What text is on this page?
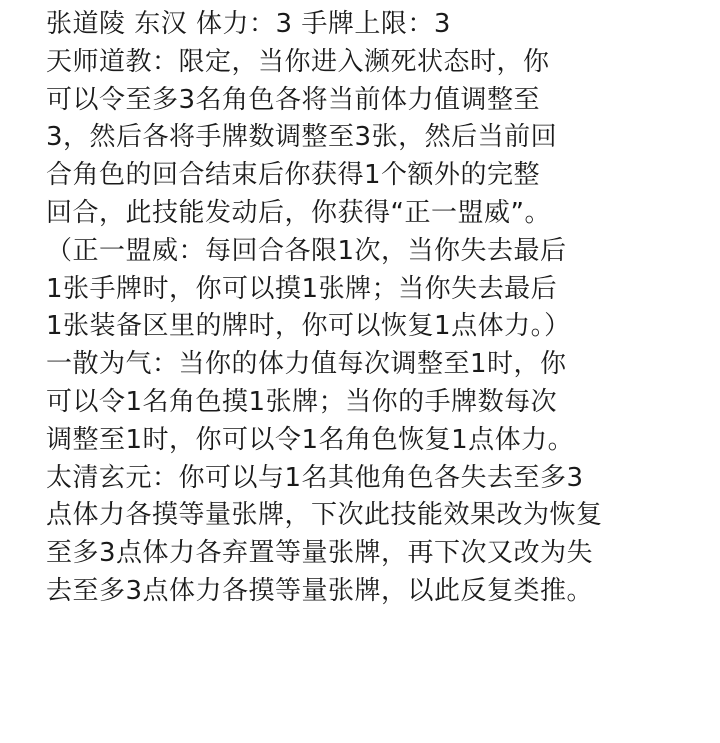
张道陵 东汉 体力：3 手牌上限：3
天师道教：限定，当你进入濒死状态时，你
可以令至多3名角色各将当前体力值调整至
3，然后各将手牌数调整至3张，然后当前回
合角色的回合结束后你获得1个额外的完整
回合，此技能发动后，你获得“正一盟威”。
（正一盟威：每回合各限1次，当你失去最后
1张手牌时，你可以摸1张牌；当你失去最后
1张装备区里的牌时，你可以恢复1点体力。）
一散为气：当你的体力值每次调整至1时，你
可以令1名角色摸1张牌；当你的手牌数每次
调整至1时，你可以令1名角色恢复1点体力。
太清玄元：你可以与1名其他角色各失去至多3
点体力各摸等量张牌，下次此技能效果改为恢复
至多3点体力各弃置等量张牌，再下次又改为失
去至多3点体力各摸等量张牌，以此反复类推。
